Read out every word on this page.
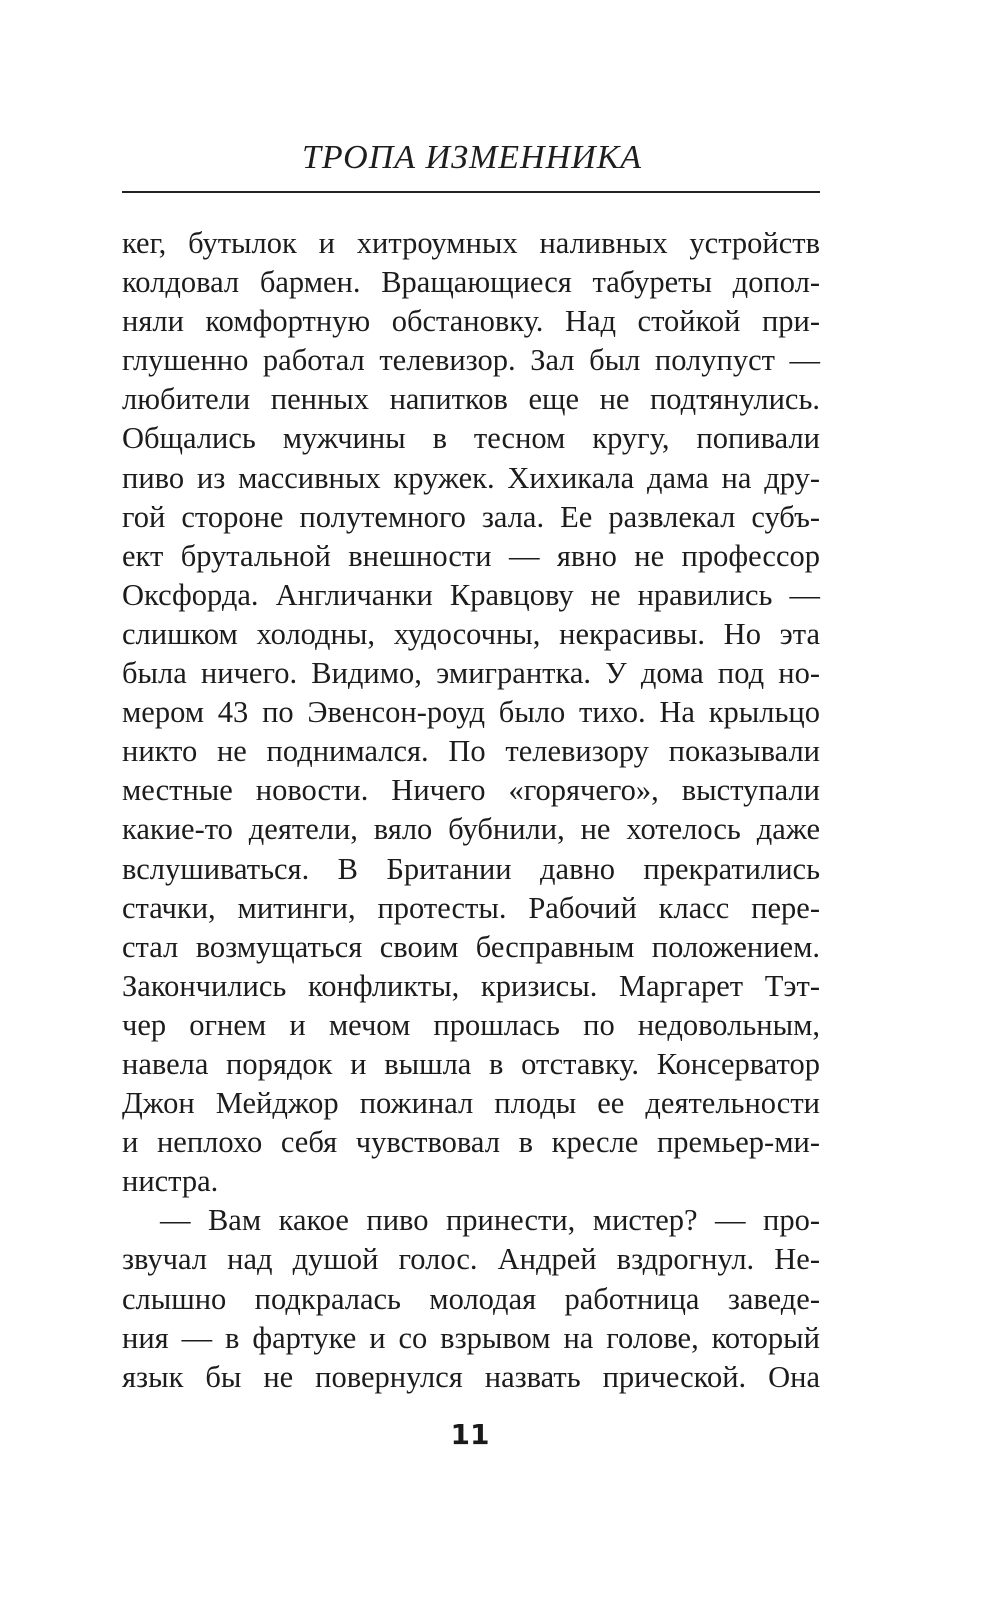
ТРОПА ИЗМЕННИКА
кег, бутылок и хитроумных наливных устройств
колдовал бармен. Вращающиеся табуреты допол-
няли комфортную обстановку. Над стойкой при-
глушенно работал телевизор. Зал был полупуст —
любители пенных напитков еще не подтянулись.
Общались мужчины в тесном кругу, попивали
пиво из массивных кружек. Хихикала дама на дру-
гой стороне полутемного зала. Ее развлекал субъ-
ект брутальной внешности — явно не профессор
Оксфорда. Англичанки Кравцову не нравились —
слишком холодны, худосочны, некрасивы. Но эта
была ничего. Видимо, эмигрантка. У дома под но-
мером 43 по Эвенсон-роуд было тихо. На крыльцо
никто не поднимался. По телевизору показывали
местные новости. Ничего «горячего», выступали
какие-то деятели, вяло бубнили, не хотелось даже
вслушиваться. В Британии давно прекратились
стачки, митинги, протесты. Рабочий класс пере-
стал возмущаться своим бесправным положением.
Закончились конфликты, кризисы. Маргарет Тэт-
чер огнем и мечом прошлась по недовольным,
навела порядок и вышла в отставку. Консерватор
Джон Мейджор пожинал плоды ее деятельности
и неплохо себя чувствовал в кресле премьер-ми-
нистра.
— Вам какое пиво принести, мистер? — про-
звучал над душой голос. Андрей вздрогнул. Не-
слышно подкралась молодая работница заведе-
ния — в фартуке и со взрывом на голове, который
язык бы не повернулся назвать прической. Она
11
